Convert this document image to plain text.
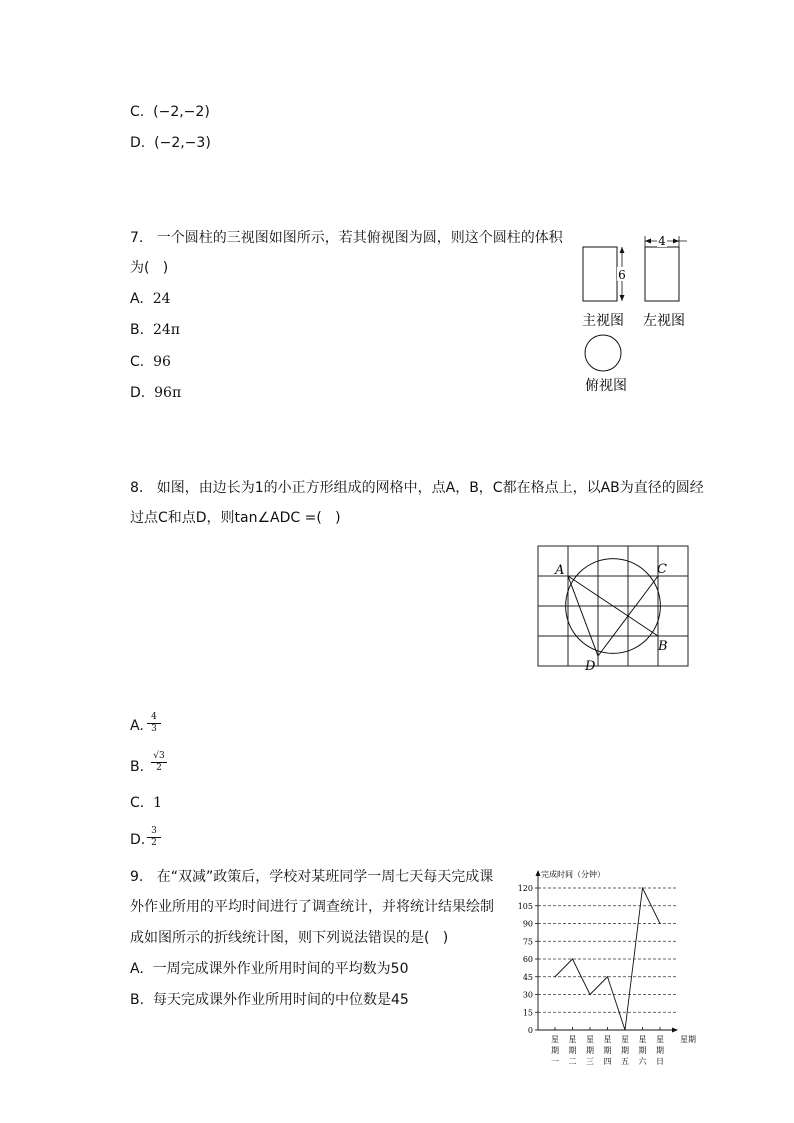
C.  (−2,−2)
D.  (−2,−3)
7.   一个圆柱的三视图如图所示，若其俯视图为圆，则这个圆柱的体积
为(   )
A. 24
B. 24π
C. 96
D. 96π
6
4
主视图 左视图
俯视图
8.   如图，由边长为1的小正方形组成的网格中，点A，B，C都在格点上，以AB为直径的圆经
过点C和点D，则tan∠ADC =(   )
A	C
B
D
A. $\frac{4}{3}$
B. $\frac{√3}{2}$
C. 1
D. $\frac{3}{2}$
9.   在“双减”政策后，学校对某班同学一周七天每天完成课
外作业所用的平均时间进行了调查统计，并将统计结果绘制
成如图所示的折线统计图，则下列说法错误的是(   )
A.  一周完成课外作业所用时间的平均数为50
B.  每天完成课外作业所用时间的中位数是45
完成时间（分钟）
0
15
30
45
60
75
90
105
120
星期
星
期
一
星
期
二
星
期
三
星
期
四
星
期
五
星
期
六
星
期
日
